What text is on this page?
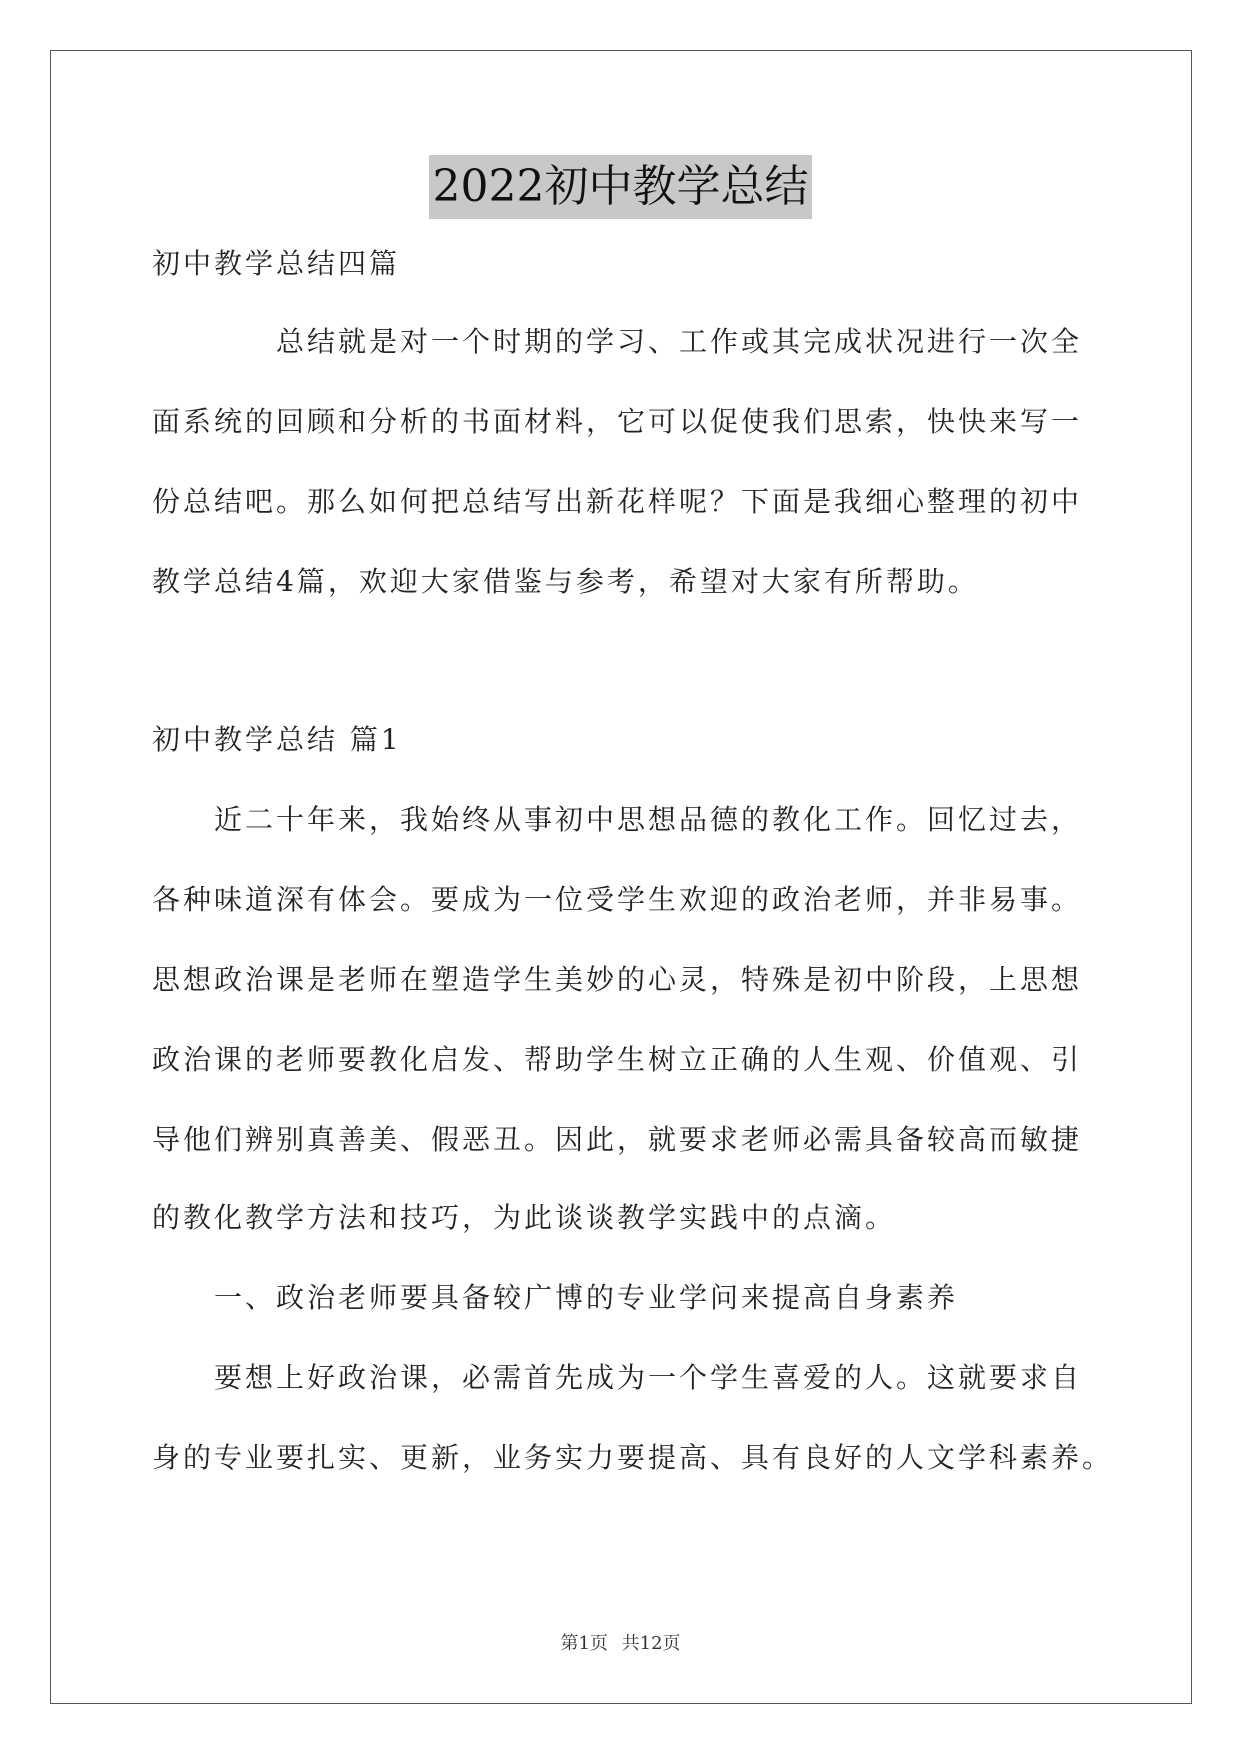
2022初中教学总结
初中教学总结四篇
　　　　总结就是对一个时期的学习、工作或其完成状况进行一次全
面系统的回顾和分析的书面材料，它可以促使我们思索，快快来写一
份总结吧。那么如何把总结写出新花样呢？下面是我细心整理的初中
教学总结4篇，欢迎大家借鉴与参考，希望对大家有所帮助。
初中教学总结 篇1
　　近二十年来，我始终从事初中思想品德的教化工作。回忆过去，
各种味道深有体会。要成为一位受学生欢迎的政治老师，并非易事。
思想政治课是老师在塑造学生美妙的心灵，特殊是初中阶段，上思想
政治课的老师要教化启发、帮助学生树立正确的人生观、价值观、引
导他们辨别真善美、假恶丑。因此，就要求老师必需具备较高而敏捷
的教化教学方法和技巧，为此谈谈教学实践中的点滴。
　　一、政治老师要具备较广博的专业学问来提高自身素养
　　要想上好政治课，必需首先成为一个学生喜爱的人。这就要求自
身的专业要扎实、更新，业务实力要提高、具有良好的人文学科素养。
第1页 共12页
